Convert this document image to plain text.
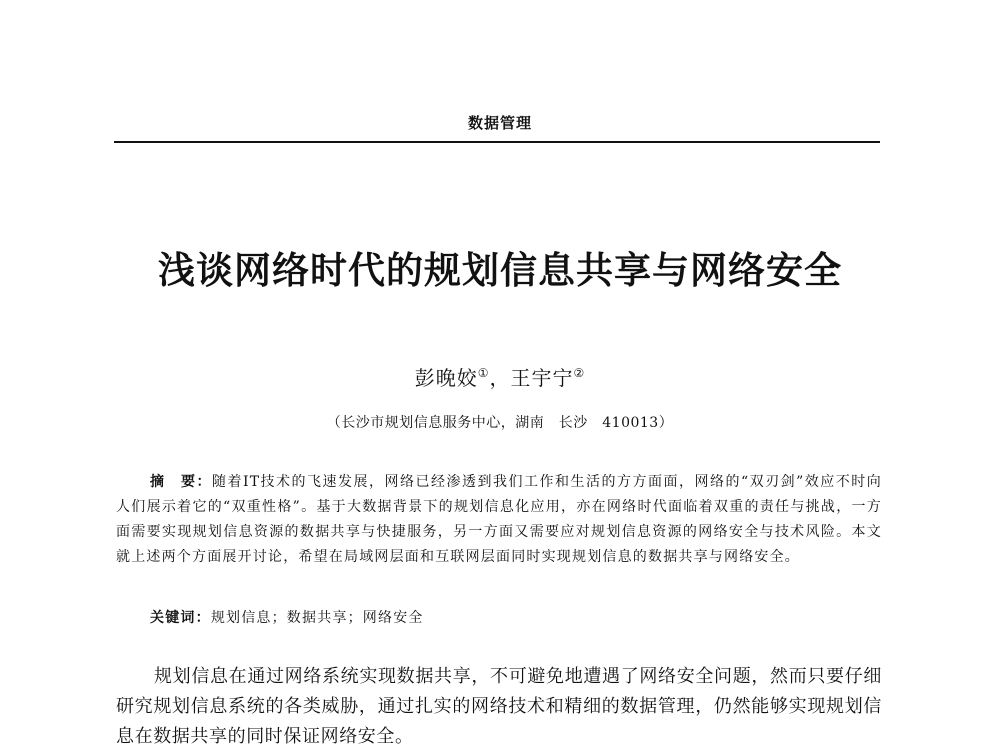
数据管理
浅谈网络时代的规划信息共享与网络安全
彭晚姣①，王宇宁②
（长沙市规划信息服务中心，湖南　长沙　410013）
摘　要：随着IT技术的飞速发展，网络已经渗透到我们工作和生活的方方面面，网络的“双刃剑”效应不时向人们展示着它的“双重性格”。基于大数据背景下的规划信息化应用，亦在网络时代面临着双重的责任与挑战，一方面需要实现规划信息资源的数据共享与快捷服务，另一方面又需要应对规划信息资源的网络安全与技术风险。本文就上述两个方面展开讨论，希望在局域网层面和互联网层面同时实现规划信息的数据共享与网络安全。
关键词：规划信息；数据共享；网络安全
规划信息在通过网络系统实现数据共享，不可避免地遭遇了网络安全问题，然而只要仔细研究规划信息系统的各类威胁，通过扎实的网络技术和精细的数据管理，仍然能够实现规划信息在数据共享的同时保证网络安全。
